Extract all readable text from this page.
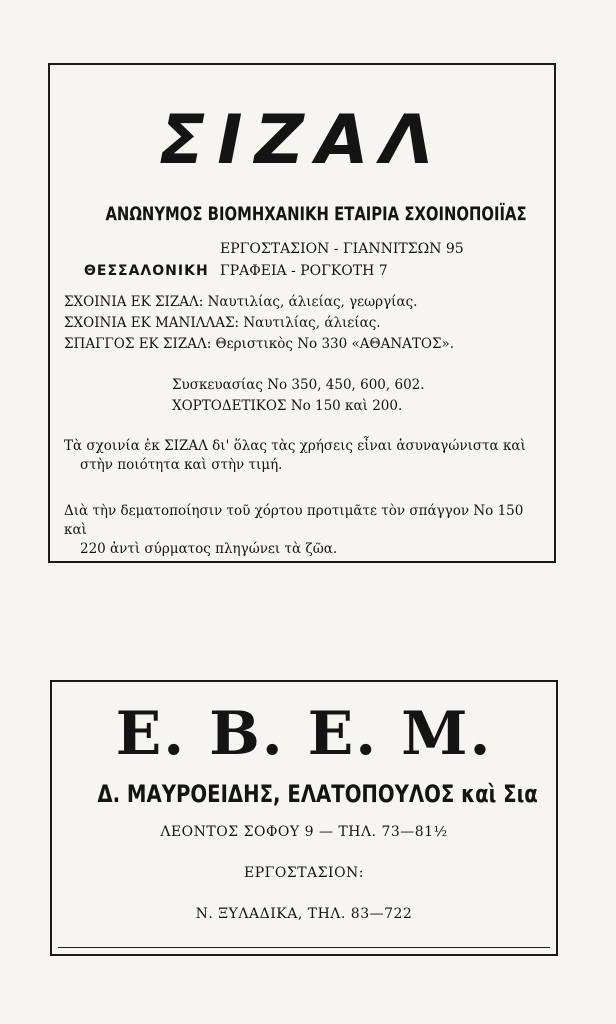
ΣΙΖΑΛ
ΑΝΩΝΥΜΟΣ ΒΙΟΜΗΧΑΝΙΚΗ ΕΤΑΙΡΙΑ ΣΧΟΙΝΟΠΟΙΪΑΣ
ΕΡΓΟΣΤΑΣΙΟΝ - ΓΙΑΝΝΙΤΣΩΝ 95
ΘΕΣΣΑΛΟΝΙΚΗ ΓΡΑΦΕΙΑ - ΡΟΓΚΟΤΗ 7
ΣΧΟΙΝΙΑ ΕΚ ΣΙΖΑΛ: Ναυτιλίας, άλιείας, γεωργίας.
ΣΧΟΙΝΙΑ ΕΚ ΜΑΝΙΛΛΑΣ: Ναυτιλίας, άλιείας.
ΣΠΑΓΓΟΣ ΕΚ ΣΙΖΑΛ: Θεριστικὸς Νο 330 «ΑΘΑΝΑΤΟΣ».
Συσκευασίας Νο 350, 450, 600, 602.
ΧΟΡΤΟΔΕΤΙΚΟΣ Νο 150 καὶ 200.
Τὰ σχοινία ἐκ ΣΙΖΑΛ δι' ὅλας τὰς χρήσεις εἶναι ἀσυναγώνιστα καὶ
στὴν ποιότητα καὶ στὴν τιμή.
Διὰ τὴν δεματοποίησιν τοῦ χόρτου προτιμᾶτε τὸν σπάγγον Νο 150 καὶ
220 ἀντὶ σύρματος πληγώνει τὰ ζῶα.
Ε. Β. Ε. Μ.
Δ. ΜΑΥΡΟΕΙΔΗΣ, ΕΛΑΤΟΠΟΥΛΟΣ καὶ Σια
ΛΕΟΝΤΟΣ ΣΟΦΟΥ 9 — ΤΗΛ. 73—81½
ΕΡΓΟΣΤΑΣΙΟΝ:
Ν. ΞΥΛΑΔΙΚΑ, ΤΗΛ. 83—722
